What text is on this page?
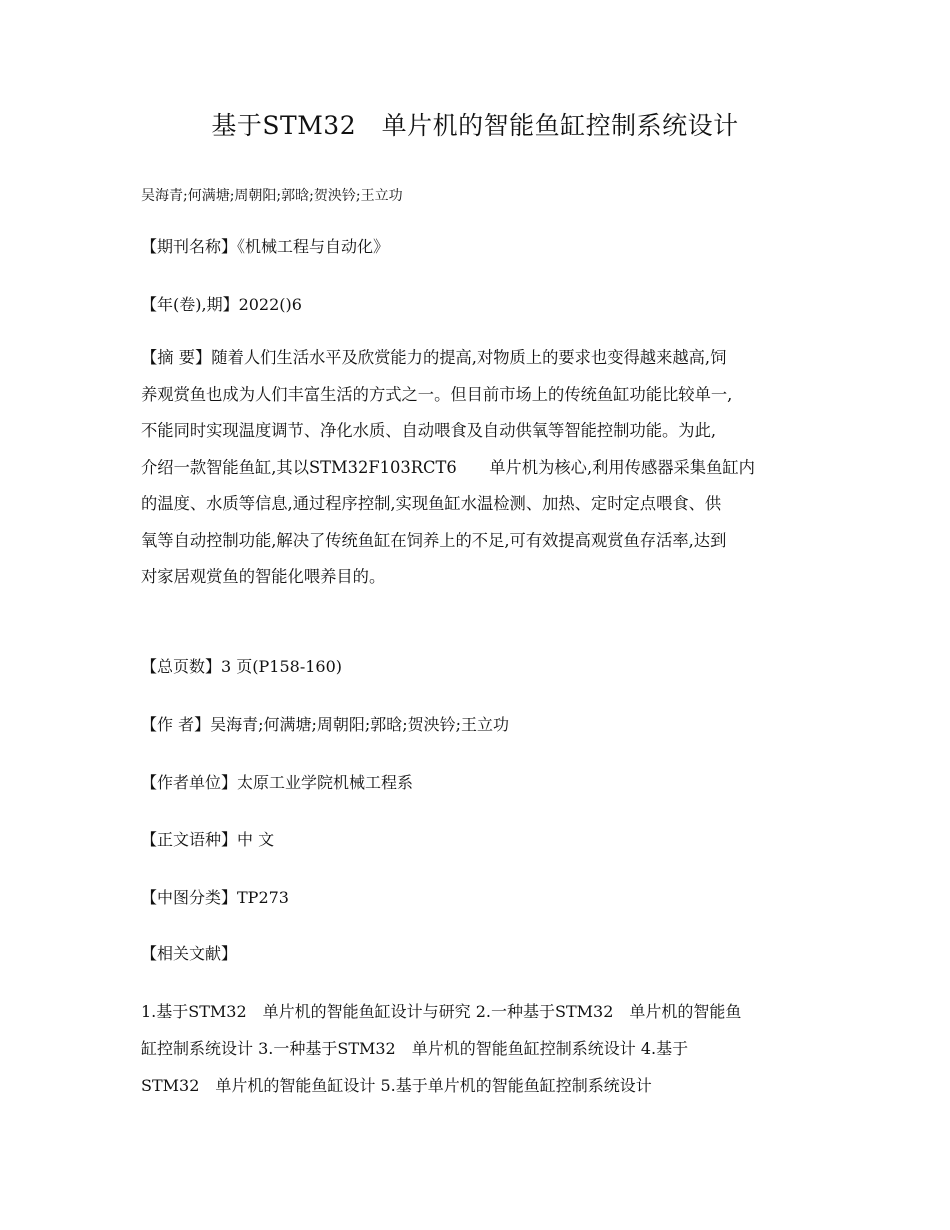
基于STM32　单片机的智能鱼缸控制系统设计
吴海青;何满塘;周朝阳;郭晗;贺泱钤;王立功
【期刊名称】《机械工程与自动化》
【年(卷),期】2022()6
【摘 要】随着人们生活水平及欣赏能力的提高,对物质上的要求也变得越来越高,饲
养观赏鱼也成为人们丰富生活的方式之一。但目前市场上的传统鱼缸功能比较单一,
不能同时实现温度调节、净化水质、自动喂食及自动供氧等智能控制功能。为此,
介绍一款智能鱼缸,其以STM32F103RCT6　　单片机为核心,利用传感器采集鱼缸内
的温度、水质等信息,通过程序控制,实现鱼缸水温检测、加热、定时定点喂食、供
氧等自动控制功能,解决了传统鱼缸在饲养上的不足,可有效提高观赏鱼存活率,达到
对家居观赏鱼的智能化喂养目的。
【总页数】3 页(P158-160)
【作 者】吴海青;何满塘;周朝阳;郭晗;贺泱钤;王立功
【作者单位】太原工业学院机械工程系
【正文语种】中 文
【中图分类】TP273
【相关文献】
1.基于STM32　单片机的智能鱼缸设计与研究 2.一种基于STM32　单片机的智能鱼
缸控制系统设计 3.一种基于STM32　单片机的智能鱼缸控制系统设计 4.基于
STM32　单片机的智能鱼缸设计 5.基于单片机的智能鱼缸控制系统设计
